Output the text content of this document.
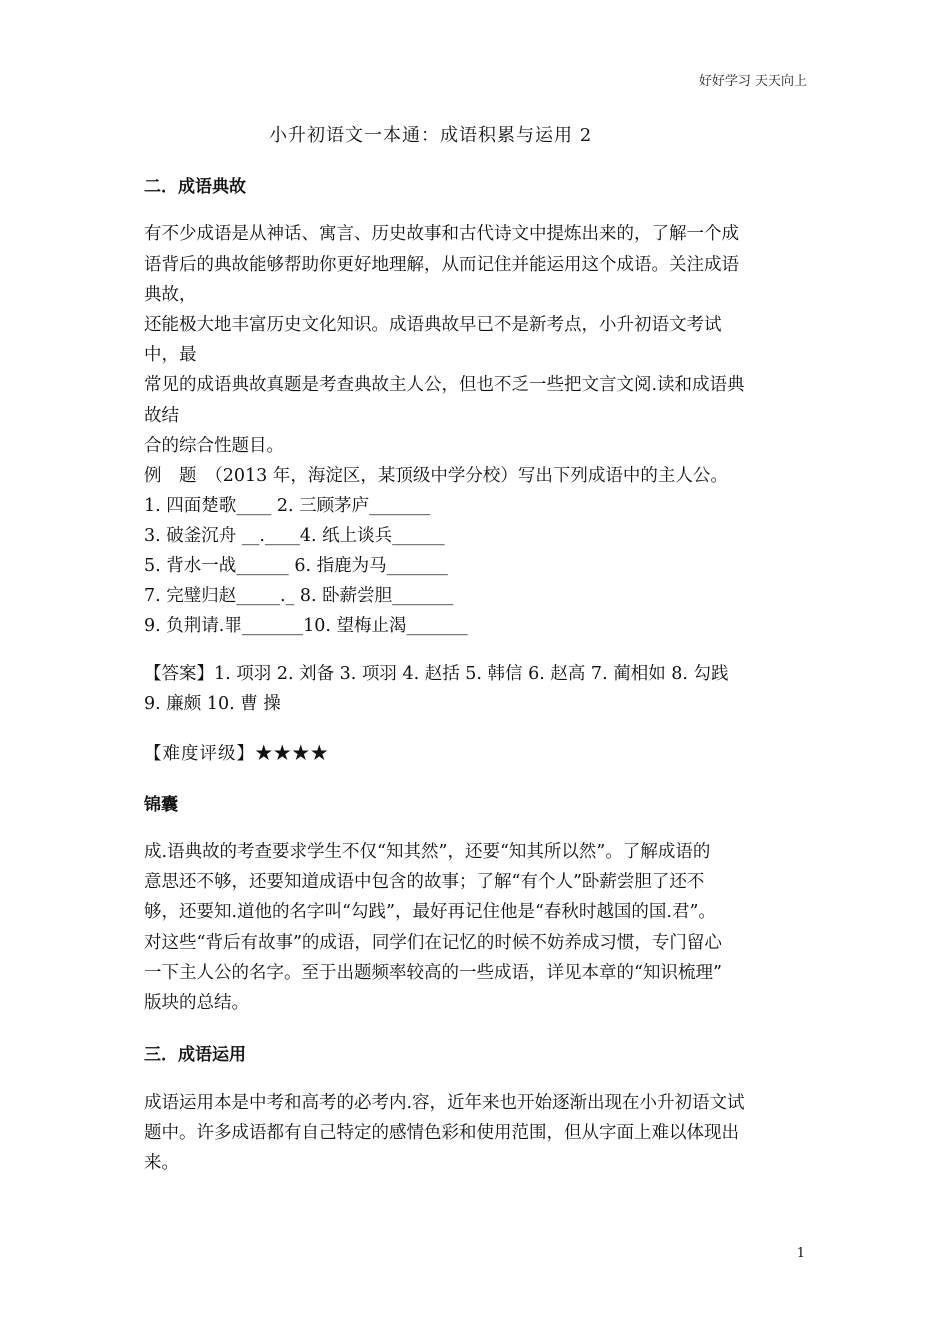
好好学习 天天向上
小升初语文一本通：成语积累与运用 2
二．成语典故
有不少成语是从神话、寓言、历史故事和古代诗文中提炼出来的，了解一个成
语背后的典故能够帮助你更好地理解，从而记住并能运用这个成语。关注成语
典故，
还能极大地丰富历史文化知识。成语典故早已不是新考点，小升初语文考试
中，最
常见的成语典故真题是考查典故主人公，但也不乏一些把文言文阅.读和成语典
故结
合的综合性题目。
例　题　（2013 年，海淀区，某顶级中学分校）写出下列成语中的主人公。
1. 四面楚歌____ 2. 三顾茅庐_______
3. 破釜沉舟 __.____4. 纸上谈兵______
5. 背水一战______ 6. 指鹿为马_______
7. 完璧归赵_____._ 8. 卧薪尝胆_______
9. 负荆请.罪_______10. 望梅止渴_______
【答案】1. 项羽 2. 刘备 3. 项羽 4. 赵括 5. 韩信 6. 赵高 7. 蔺相如 8. 勾践
9. 廉颇 10. 曹 操
【难度评级】★★★★
锦囊
成.语典故的考查要求学生不仅“知其然”，还要“知其所以然”。了解成语的
意思还不够，还要知道成语中包含的故事；了解“有个人”卧薪尝胆了还不
够，还要知.道他的名字叫“勾践”，最好再记住他是“春秋时越国的国.君”。
对这些“背后有故事”的成语，同学们在记忆的时候不妨养成习惯，专门留心
一下主人公的名字。至于出题频率较高的一些成语，详见本章的“知识梳理”
版块的总结。
三．成语运用
成语运用本是中考和高考的必考内.容，近年来也开始逐渐出现在小升初语文试
题中。许多成语都有自己特定的感情色彩和使用范围，但从字面上难以体现出
来。
1
